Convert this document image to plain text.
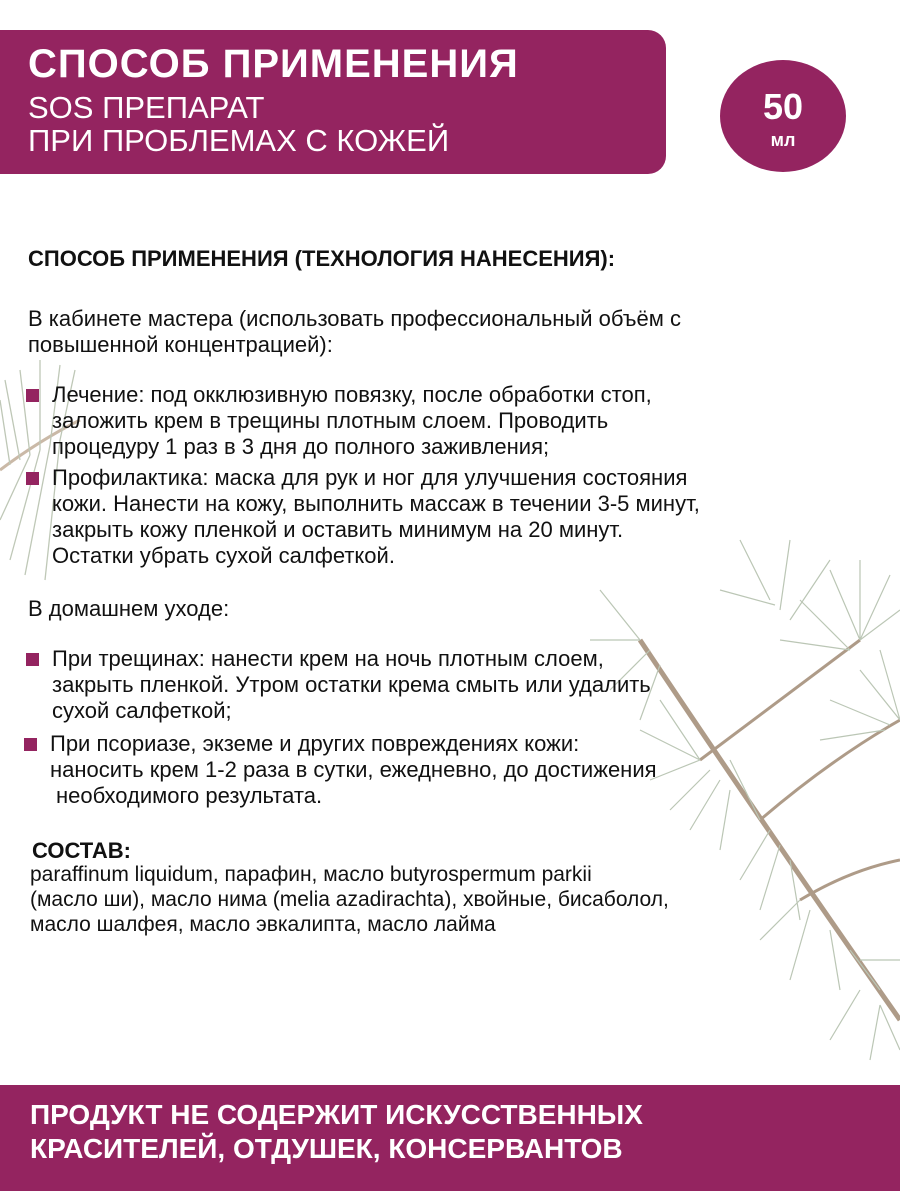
СПОСОБ ПРИМЕНЕНИЯ
SOS ПРЕПАРАТ
ПРИ ПРОБЛЕМАХ С КОЖЕЙ
50
мл
СПОСОБ ПРИМЕНЕНИЯ (ТЕХНОЛОГИЯ НАНЕСЕНИЯ):
В кабинете мастера (использовать профессиональный объём с
повышенной концентрацией):
Лечение: под окклюзивную повязку, после обработки стоп,
заложить крем в трещины плотным слоем. Проводить
процедуру 1 раз в 3 дня до полного заживления;
Профилактика: маска для рук и ног для улучшения состояния
кожи. Нанести на кожу, выполнить массаж в течении 3-5 минут,
закрыть кожу пленкой и оставить минимум на 20 минут.
Остатки убрать сухой салфеткой.
В домашнем уходе:
При трещинах: нанести крем на ночь плотным слоем,
закрыть пленкой. Утром остатки крема смыть или удалить
сухой салфеткой;
При псориазе, экземе и других повреждениях кожи:
наносить крем 1-2 раза в сутки, ежедневно, до достижения
необходимого результата.
СОСТАВ:
paraffinum liquidum, парафин, масло butyrospermum parkii
(масло ши), масло нима (melia azadirachta), хвойные, бисаболол,
масло шалфея, масло эвкалипта, масло лайма
ПРОДУКТ НЕ СОДЕРЖИТ ИСКУССТВЕННЫХ
КРАСИТЕЛЕЙ, ОТДУШЕК, КОНСЕРВАНТОВ
